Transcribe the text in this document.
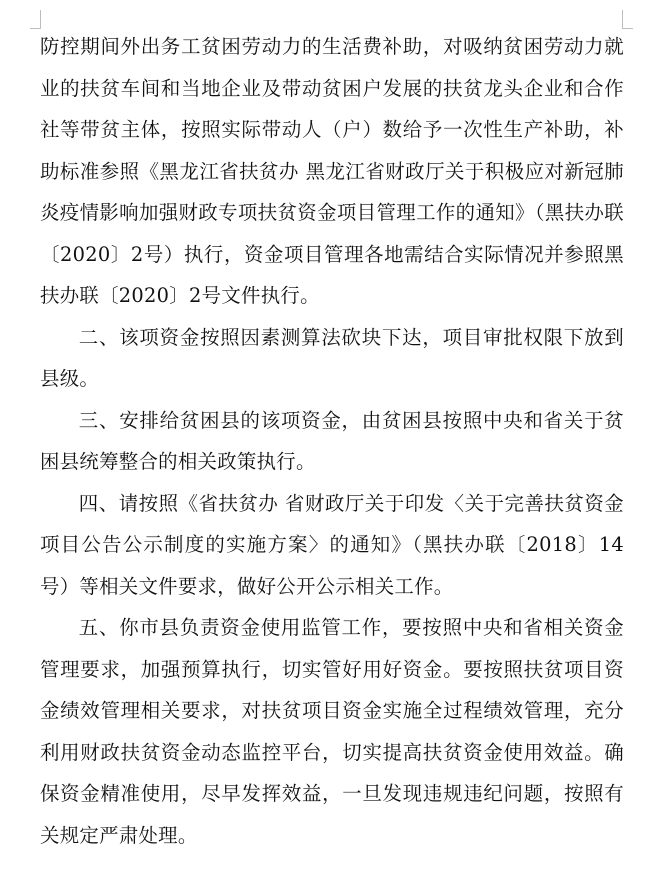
防控期间外出务工贫困劳动力的生活费补助，对吸纳贫困劳动力就业的扶贫车间和当地企业及带动贫困户发展的扶贫龙头企业和合作社等带贫主体，按照实际带动人（户）数给予一次性生产补助，补助标准参照《黑龙江省扶贫办 黑龙江省财政厅关于积极应对新冠肺炎疫情影响加强财政专项扶贫资金项目管理工作的通知》（黑扶办联〔2020〕2号）执行，资金项目管理各地需结合实际情况并参照黑扶办联〔2020〕2号文件执行。

二、该项资金按照因素测算法砍块下达，项目审批权限下放到县级。

三、安排给贫困县的该项资金，由贫困县按照中央和省关于贫困县统筹整合的相关政策执行。

四、请按照《省扶贫办 省财政厅关于印发〈关于完善扶贫资金项目公告公示制度的实施方案〉的通知》（黑扶办联〔2018〕14号）等相关文件要求，做好公开公示相关工作。

五、你市县负责资金使用监管工作，要按照中央和省相关资金管理要求，加强预算执行，切实管好用好资金。要按照扶贫项目资金绩效管理相关要求，对扶贫项目资金实施全过程绩效管理，充分利用财政扶贫资金动态监控平台，切实提高扶贫资金使用效益。确保资金精准使用，尽早发挥效益，一旦发现违规违纪问题，按照有关规定严肃处理。
